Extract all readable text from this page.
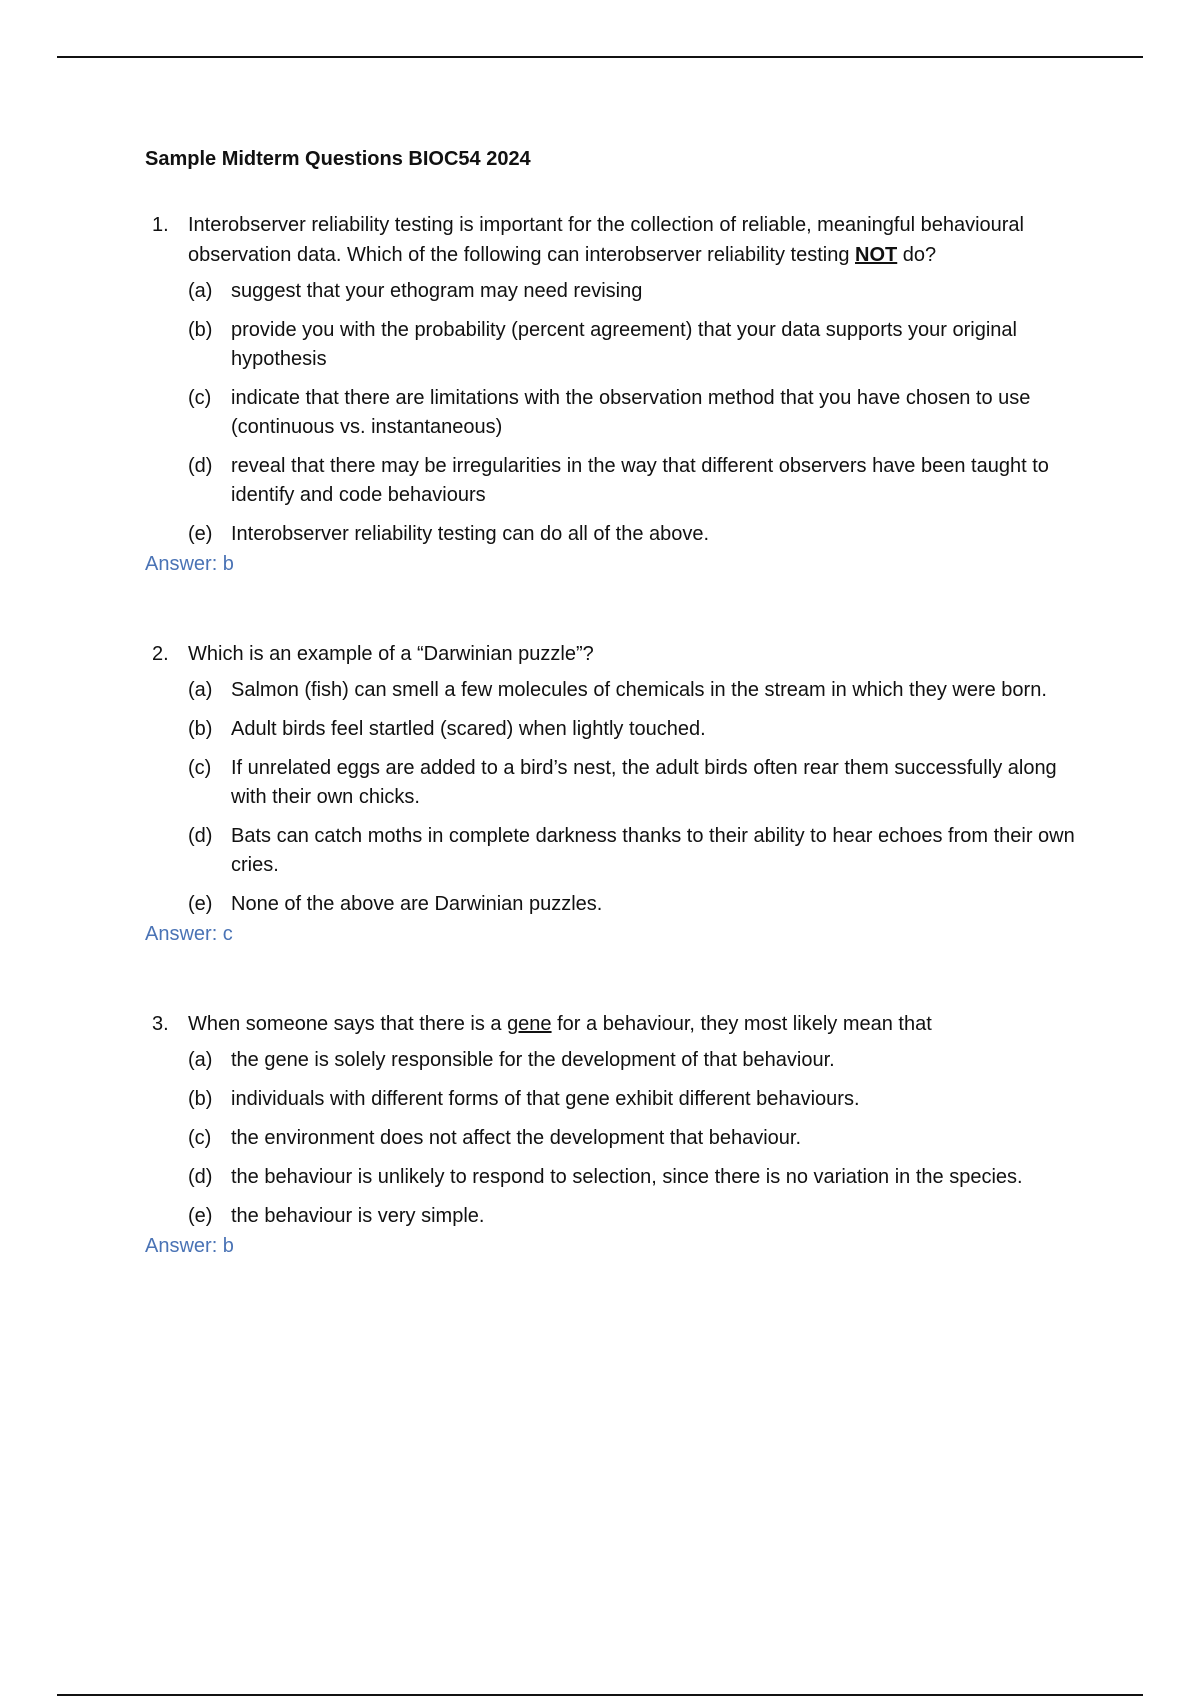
Sample Midterm Questions BIOC54 2024
1. Interobserver reliability testing is important for the collection of reliable, meaningful behavioural observation data. Which of the following can interobserver reliability testing NOT do?
(a) suggest that your ethogram may need revising
(b) provide you with the probability (percent agreement) that your data supports your original hypothesis
(c) indicate that there are limitations with the observation method that you have chosen to use (continuous vs. instantaneous)
(d) reveal that there may be irregularities in the way that different observers have been taught to identify and code behaviours
(e) Interobserver reliability testing can do all of the above.
Answer: b
2. Which is an example of a “Darwinian puzzle”?
(a) Salmon (fish) can smell a few molecules of chemicals in the stream in which they were born.
(b) Adult birds feel startled (scared) when lightly touched.
(c) If unrelated eggs are added to a bird’s nest, the adult birds often rear them successfully along with their own chicks.
(d) Bats can catch moths in complete darkness thanks to their ability to hear echoes from their own cries.
(e) None of the above are Darwinian puzzles.
Answer: c
3. When someone says that there is a gene for a behaviour, they most likely mean that
(a) the gene is solely responsible for the development of that behaviour.
(b) individuals with different forms of that gene exhibit different behaviours.
(c) the environment does not affect the development that behaviour.
(d) the behaviour is unlikely to respond to selection, since there is no variation in the species.
(e) the behaviour is very simple.
Answer: b
